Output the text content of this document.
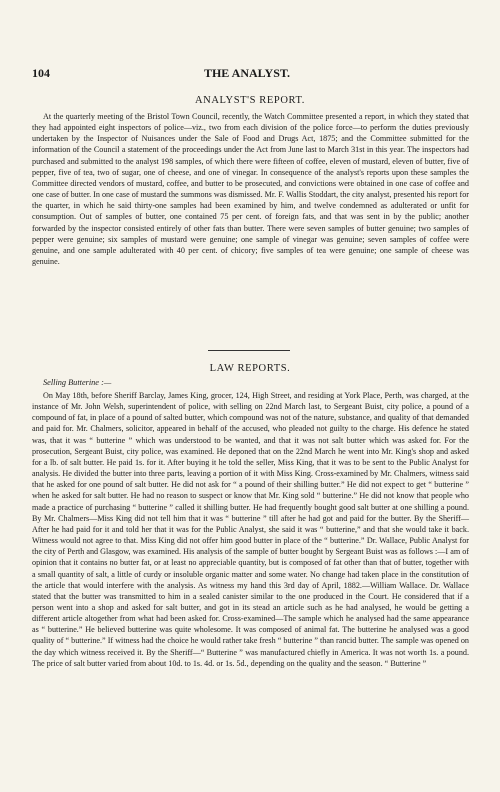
104	THE ANALYST.
ANALYST'S REPORT.
At the quarterly meeting of the Bristol Town Council, recently, the Watch Committee presented a report, in which they stated that they had appointed eight inspectors of police—viz., two from each division of the police force—to perform the duties previously undertaken by the Inspector of Nuisances under the Sale of Food and Drugs Act, 1875; and the Committee submitted for the information of the Council a statement of the proceedings under the Act from June last to March 31st in this year. The inspectors had purchased and submitted to the analyst 198 samples, of which there were fifteen of coffee, eleven of mustard, eleven of butter, five of pepper, five of tea, two of sugar, one of cheese, and one of vinegar. In consequence of the analyst's reports upon these samples the Committee directed vendors of mustard, coffee, and butter to be prosecuted, and convictions were obtained in one case of coffee and one case of butter. In one case of mustard the summons was dismissed. Mr. F. Wallis Stoddart, the city analyst, presented his report for the quarter, in which he said thirty-one samples had been examined by him, and twelve condemned as adulterated or unfit for consumption. Out of samples of butter, one contained 75 per cent. of foreign fats, and that was sent in by the public; another forwarded by the inspector consisted entirely of other fats than butter. There were seven samples of butter genuine; two samples of pepper were genuine; six samples of mustard were genuine; one sample of vinegar was genuine; seven samples of coffee were genuine, and one sample adulterated with 40 per cent. of chicory; five samples of tea were genuine; one sample of cheese was genuine.
LAW REPORTS.
Selling Butterine :—
On May 18th, before Sheriff Barclay, James King, grocer, 124, High Street, and residing at York Place, Perth, was charged, at the instance of Mr. John Welsh, superintendent of police, with selling on 22nd March last, to Sergeant Buist, city police, a pound of a compound of fat, in place of a pound of salted butter, which compound was not of the nature, substance, and quality of that demanded and paid for. Mr. Chalmers, solicitor, appeared in behalf of the accused, who pleaded not guilty to the charge. His defence he stated was, that it was “ butterine ” which was understood to be wanted, and that it was not salt butter which was asked for. For the prosecution, Sergeant Buist, city police, was examined. He deponed that on the 22nd March he went into Mr. King's shop and asked for a lb. of salt butter. He paid 1s. for it. After buying it he told the seller, Miss King, that it was to be sent to the Public Analyst for analysis. He divided the butter into three parts, leaving a portion of it with Miss King. Cross-examined by Mr. Chalmers, witness said that he asked for one pound of salt butter. He did not ask for “ a pound of their shilling butter.” He did not expect to get “ butterine ” when he asked for salt butter. He had no reason to suspect or know that Mr. King sold “ butterine.” He did not know that people who made a practice of purchasing “ butterine ” called it shilling butter. He had frequently bought good salt butter at one shilling a pound. By Mr. Chalmers—Miss King did not tell him that it was “ butterine ” till after he had got and paid for the butter. By the Sheriff—After he had paid for it and told her that it was for the Public Analyst, she said it was “ butterine,” and that she would take it back. Witness would not agree to that. Miss King did not offer him good butter in place of the “ butterine.” Dr. Wallace, Public Analyst for the city of Perth and Glasgow, was examined. His analysis of the sample of butter bought by Sergeant Buist was as follows :—I am of opinion that it contains no butter fat, or at least no appreciable quantity, but is composed of fat other than that of butter, together with a small quantity of salt, a little of curdy or insoluble organic matter and some water. No change had taken place in the constitution of the article that would interfere with the analysis. As witness my hand this 3rd day of April, 1882.—William Wallace. Dr. Wallace stated that the butter was transmitted to him in a sealed canister similar to the one produced in the Court. He considered that if a person went into a shop and asked for salt butter, and got in its stead an article such as he had analysed, he would be getting a different article altogether from what had been asked for. Cross-examined—The sample which he analysed had the same appearance as “ butterine.” He believed butterine was quite wholesome. It was composed of animal fat. The butterine he analysed was a good quality of “ butterine.” If witness had the choice he would rather take fresh “ butterine ” than rancid butter. The sample was opened on the day which witness received it. By the Sheriff—“ Butterine ” was manufactured chiefly in America. It was not worth 1s. a pound. The price of salt butter varied from about 10d. to 1s. 4d. or 1s. 5d., depending on the quality and the season. “ Butterine ”
